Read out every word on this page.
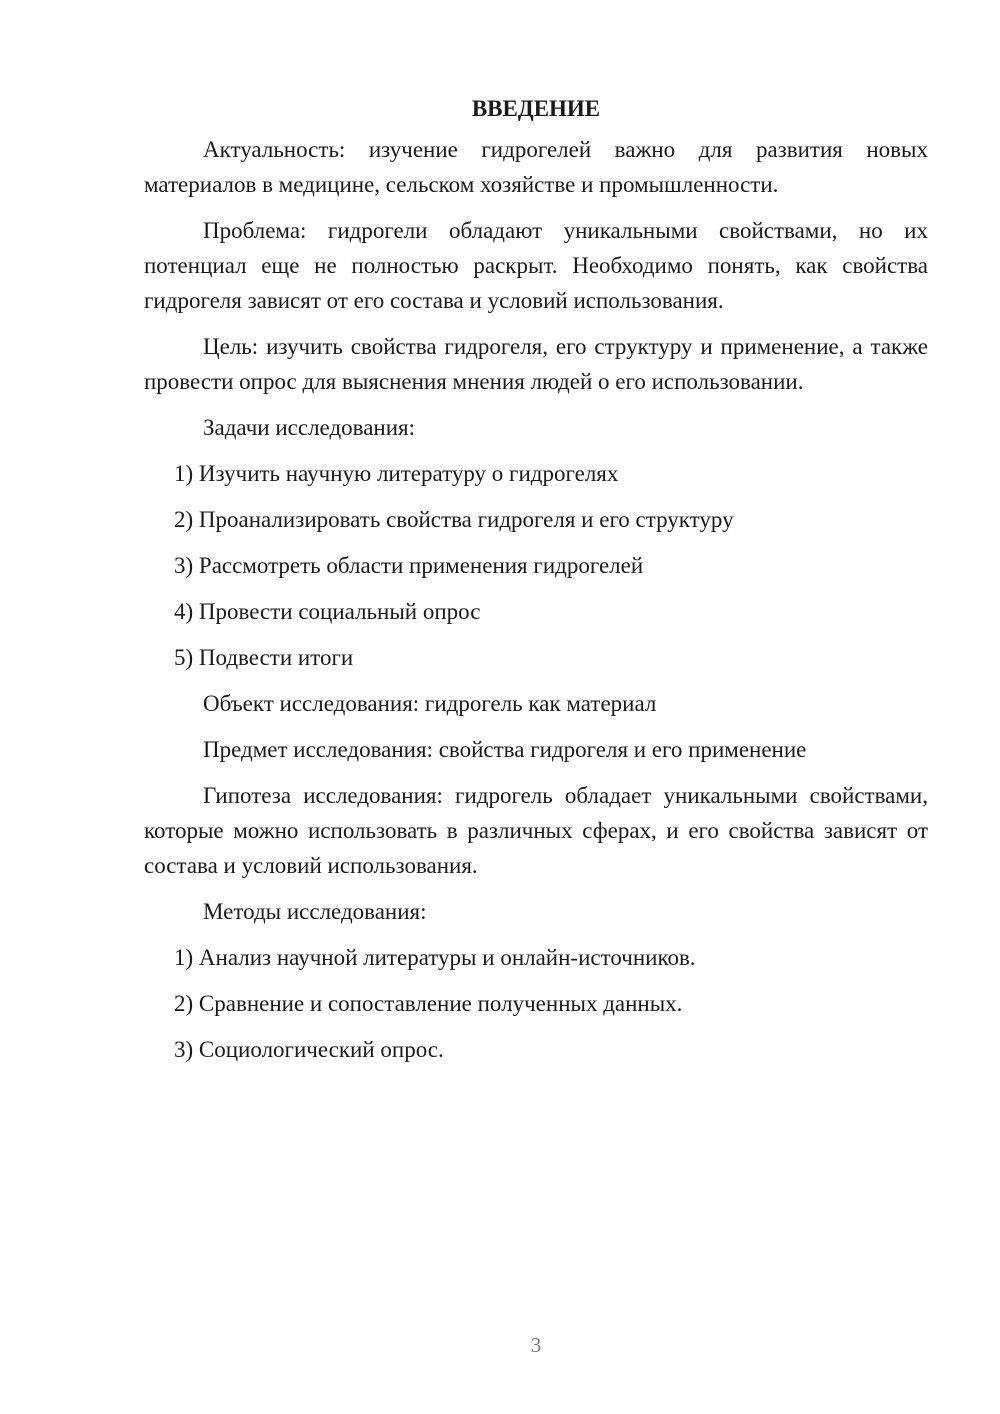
ВВЕДЕНИЕ

Актуальность: изучение гидрогелей важно для развития новых материалов в медицине, сельском хозяйстве и промышленности.

Проблема: гидрогели обладают уникальными свойствами, но их потенциал еще не полностью раскрыт. Необходимо понять, как свойства гидрогеля зависят от его состава и условий использования.

Цель: изучить свойства гидрогеля, его структуру и применение, а также провести опрос для выяснения мнения людей о его использовании.

Задачи исследования:
1) Изучить научную литературу о гидрогелях
2) Проанализировать свойства гидрогеля и его структуру
3) Рассмотреть области применения гидрогелей
4) Провести социальный опрос
5) Подвести итоги
Объект исследования: гидрогель как материал
Предмет исследования: свойства гидрогеля и его применение

Гипотеза исследования: гидрогель обладает уникальными свойствами, которые можно использовать в различных сферах, и его свойства зависят от состава и условий использования.

Методы исследования:
1) Анализ научной литературы и онлайн-источников.
2) Сравнение и сопоставление полученных данных.
3) Социологический опрос.
3
